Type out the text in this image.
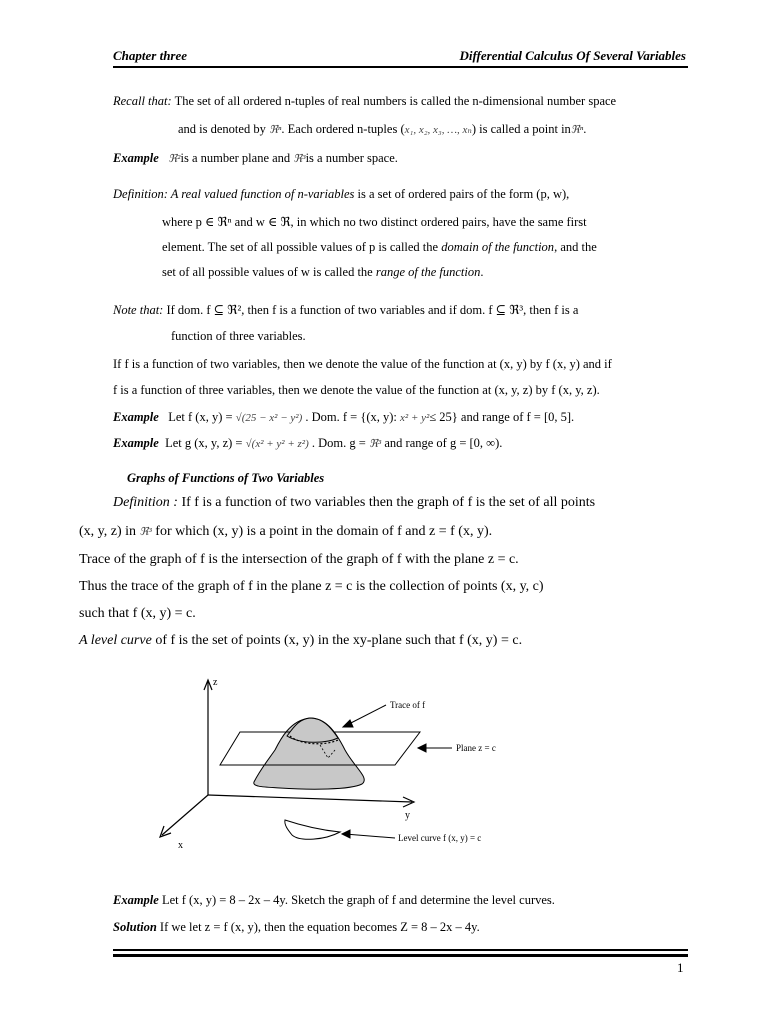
Chapter three	Differential Calculus Of Several Variables
Recall that: The set of all ordered n-tuples of real numbers is called the n-dimensional number space
and is denoted by ℜⁿ. Each ordered n-tuples (x₁, x₂, x₃, …, xₙ) is called a point inℜⁿ.
Example ℜ²is a number plane and ℜ³is a number space.
Definition: A real valued function of n-variables is a set of ordered pairs of the form (p, w),
where p ∈ ℜⁿ and w ∈ ℜ, in which no two distinct ordered pairs, have the same first
element. The set of all possible values of p is called the domain of the function, and the
set of all possible values of w is called the range of the function.
Note that: If dom. f ⊆ ℜ², then f is a function of two variables and if dom. f ⊆ ℜ³, then f is a
function of three variables.
If f is a function of two variables, then we denote the value of the function at (x, y) by f (x, y) and if
f is a function of three variables, then we denote the value of the function at (x, y, z) by f (x, y, z).
Example Let f (x, y) = √(25 − x² − y²) . Dom. f = {(x, y): x² + y²≤ 25} and range of f = [0, 5].
Example Let g (x, y, z) = √(x² + y² + z²) . Dom. g = ℜ³ and range of g = [0, ∞).
Graphs of Functions of Two Variables
Definition : If f is a function of two variables then the graph of f is the set of all points
(x, y, z) in ℜ³ for which (x, y) is a point in the domain of f and z = f (x, y).
Trace of the graph of f is the intersection of the graph of f with the plane z = c.
Thus the trace of the graph of f in the plane z = c is the collection of points (x, y, c)
such that f (x, y) = c.
A level curve of f is the set of points (x, y) in the xy-plane such that f (x, y) = c.
z
y
x
Trace of f
Plane z = c
Level curve f (x, y) = c
Example Let f (x, y) = 8 – 2x – 4y. Sketch the graph of f and determine the level curves.
Solution If we let z = f (x, y), then the equation becomes Z = 8 – 2x – 4y.
1
